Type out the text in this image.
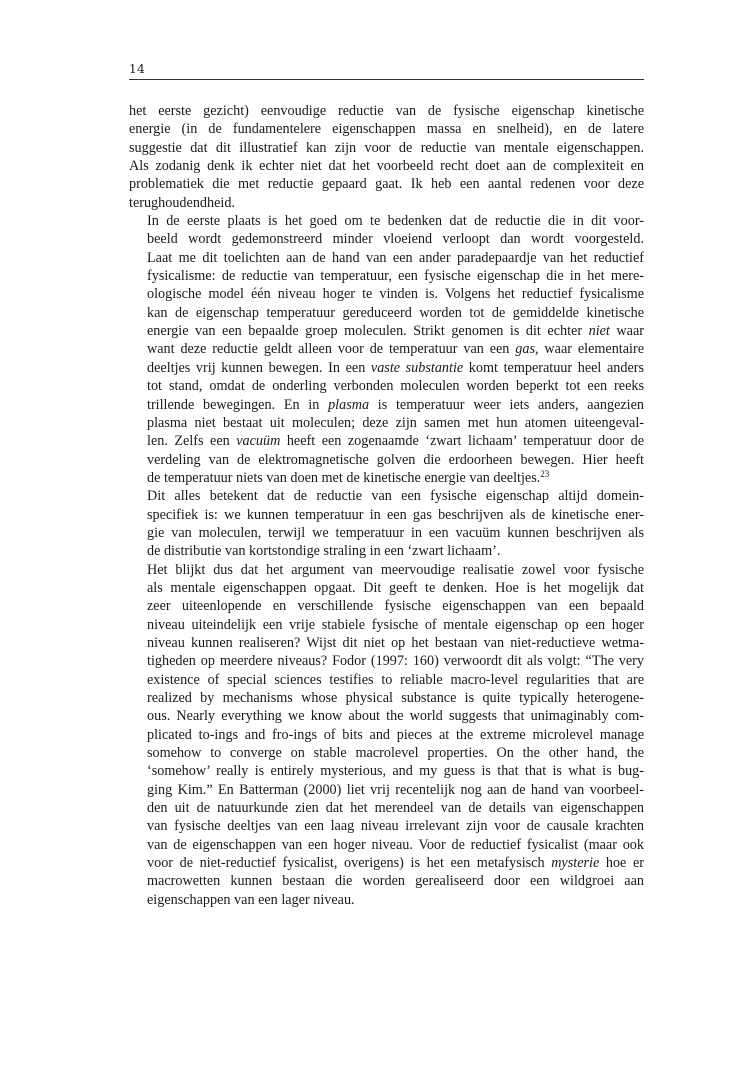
14

het eerste gezicht) eenvoudige reductie van de fysische eigenschap kinetische
energie (in de fundamentelere eigenschappen massa en snelheid), en de latere
suggestie dat dit illustratief kan zijn voor de reductie van mentale eigenschappen.
Als zodanig denk ik echter niet dat het voorbeeld recht doet aan de complexiteit en
problematiek die met reductie gepaard gaat. Ik heb een aantal redenen voor deze
terughoudendheid.

In de eerste plaats is het goed om te bedenken dat de reductie die in dit voor-
beeld wordt gedemonstreerd minder vloeiend verloopt dan wordt voorgesteld.
Laat me dit toelichten aan de hand van een ander paradepaardje van het reductief
fysicalisme: de reductie van temperatuur, een fysische eigenschap die in het mere-
ologische model één niveau hoger te vinden is. Volgens het reductief fysicalisme
kan de eigenschap temperatuur gereduceerd worden tot de gemiddelde kinetische
energie van een bepaalde groep moleculen. Strikt genomen is dit echter niet waar
want deze reductie geldt alleen voor de temperatuur van een gas, waar elementaire
deeltjes vrij kunnen bewegen. In een vaste substantie komt temperatuur heel anders
tot stand, omdat de onderling verbonden moleculen worden beperkt tot een reeks
trillende bewegingen. En in plasma is temperatuur weer iets anders, aangezien
plasma niet bestaat uit moleculen; deze zijn samen met hun atomen uiteengeval-
len. Zelfs een vacuüm heeft een zogenaamde ‘zwart lichaam’ temperatuur door de
verdeling van de elektromagnetische golven die erdoorheen bewegen. Hier heeft
de temperatuur niets van doen met de kinetische energie van deeltjes.$^{23}$

Dit alles betekent dat de reductie van een fysische eigenschap altijd domein-
specifiek is: we kunnen temperatuur in een gas beschrijven als de kinetische ener-
gie van moleculen, terwijl we temperatuur in een vacuüm kunnen beschrijven als
de distributie van kortstondige straling in een ‘zwart lichaam’.

Het blijkt dus dat het argument van meervoudige realisatie zowel voor fysische
als mentale eigenschappen opgaat. Dit geeft te denken. Hoe is het mogelijk dat
zeer uiteenlopende en verschillende fysische eigenschappen van een bepaald
niveau uiteindelijk een vrije stabiele fysische of mentale eigenschap op een hoger
niveau kunnen realiseren? Wijst dit niet op het bestaan van niet-reductieve wetma-
tigheden op meerdere niveaus? Fodor (1997: 160) verwoordt dit als volgt: “The very
existence of special sciences testifies to reliable macro-level regularities that are
realized by mechanisms whose physical substance is quite typically heterogene-
ous. Nearly everything we know about the world suggests that unimaginably com-
plicated to-ings and fro-ings of bits and pieces at the extreme microlevel manage
somehow to converge on stable macrolevel properties. On the other hand, the
‘somehow’ really is entirely mysterious, and my guess is that that is what is bug-
ging Kim.” En Batterman (2000) liet vrij recentelijk nog aan de hand van voorbeel-
den uit de natuurkunde zien dat het merendeel van de details van eigenschappen
van fysische deeltjes van een laag niveau irrelevant zijn voor de causale krachten
van de eigenschappen van een hoger niveau. Voor de reductief fysicalist (maar ook
voor de niet-reductief fysicalist, overigens) is het een metafysisch mysterie hoe er
macrowetten kunnen bestaan die worden gerealiseerd door een wildgroei aan
eigenschappen van een lager niveau.
